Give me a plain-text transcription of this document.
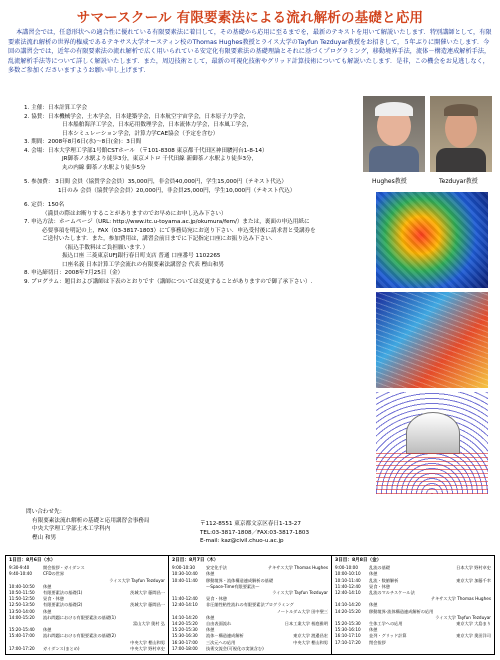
サマースクール 有限要素法による流れ解析の基礎と応用

本講習会では，任意形状への適合性に優れている有限要素法に着目して，その基礎から応用に至るまでを，最新のテキストを用いて解説いたします．特別講師として，有限要素法流れ解析の世界的権威であるテキサス大学オースティン校のThomas Hughes教授とライス大学のTayfun Tezduyar教授をお招きして，５年ぶりに開催いたします．今回の講習会では，近年の有限要素法の流れ解析で広く用いられている安定化有限要素法の基礎理論とそれに基づくプログラミング，移動境界手法，流体－構造連成解析手法，乱流解析手法等について詳しく解説いたします．また，周辺技術として，最新の可視化技術やグリッド計算技術についても解説いたします．是非，この機会をお見逃しなく，多数ご参加くださいますようお願い申し上げます．

1. 主催：日本計算工学会
2. 協賛：日本機械学会，土木学会，日本建築学会，日本航空宇宙学会，日本原子力学会，
日本船舶海洋工学会，日本応用数理学会，日本流体力学会，日本風工学会，
日本シミュレーション学会，計算力学CAE協会（予定を含む）
3. 期間：2008年8月6日(水)～8日(金)：3日間
4. 会場：日本大学理工学部1号館CSTホール （〒101-8308 東京都千代田区神田駿河台1-8-14）
JR御茶ノ水駅より徒歩3分，東京メトロ 千代田線 新御茶ノ水駅より徒歩3分，
丸の内線 御茶ノ水駅より徒歩5分
5. 参加費： 3日間 会員（協賛学会会員）35,000円，非会員40,000円，学生15,000円（テキスト代込）
1日のみ 会員（協賛学会会員）20,000円，非会員25,000円，学生10,000円（テキスト代込）
6. 定員：150名
（満員の際はお断りすることがありますのでお早めにお申し込み下さい）
7. 申込方法：ホームページ（URL: http://www.itc.u-toyama.ac.jp/okumura/fem/）または，裏面の申込用紙に
必要事項を明記の上，FAX（03-3817-1803）にて事務局宛にお送り下さい．申込受付後に請求書と受講券を
ご送付いたします．また，参加費用は，講習会前日までに下記指定口座にお振り込み下さい．
（振込手数料はご負担願います．）
振込口座 三菱東京UFJ銀行春日町支店 普通 口座番号 1102265
口座名義 日本計算工学会流れの有限要素法講習会 代表 樫山和男
8. 申込締切日：2008年7月25日（金）
9. プログラム：題目および講師は下表のとおりです（講師については変更することがありますので御了承下さい）.
Hughes教授	Tezduyar教授
問い合わせ先：
有限要素法流れ解析の基礎と応用講習会事務局
中央大学理工学部土木工学科内
樫山 和男
〒112-8551 東京都文京区春日1-13-27
TEL:03-3817-1808／FAX:03-3817-1803
E-mail: kaz@civil.chuo-u.ac.jp
1日目：8月6日（水）
9:30-9:40	開会挨拶・ガイダンス
9:40-10:40	CFDの世界
ライス大学 Tayfun Tezduyar
10:40-10:50	休憩
10:50-11:50	有限要素法の基礎(1)	茨城大学 藤間昌一
11:50-12:50	昼食・休憩
12:50-13:50	有限要素法の基礎(2)	茨城大学 藤間昌一
13:50-14:00	休憩
14:00-15:20	流れ問題における有限要素法の基礎(1)
富山大学 奥村 弘
15:20-15:40	休憩
15:40-17:00	流れ問題における有限要素法の基礎(2)
中央大学 樫山和男
17:00-17:20	ガイダンス(まとめ)	中央大学 野村卓史
2日目：8月7日（木）
9:00-10:30	安定化手法	テキサス大学 Thomas Hughes
10:30-10:40	休憩
10:40-11:40	移動境界・流体構造連成解析の基礎
～Space-Time有限要素法～
ライス大学 Tayfun Tezduyar
11:40-12:40	昼食・休憩
12:40-14:10	非圧縮性粘性流れの有限要素法プログラミング
ノートルダム大学 田中聖三
14:10-14:20	休憩
14:20-15:20	自由表面流れ	日本工業大学 桜庭雅明
15:20-15:30	休憩
15:30-16:30	流体－構造連成解析	東京大学 渡邉昌宏
16:30-17:00	三次元への応用	中央大学 樫山和男
17:00-18:00	技術交流会(可視化の実演含む)
3日目：8月8日（金）
9:00-10:00	乱流の基礎	日本大学 野村卓史
10:00-10:10	休憩
10:10-11:40	乱流・数値解析	東京大学 加藤千幸
11:40-12:40	昼食・休憩
12:40-14:10	乱流のマルチスケール法
テキサス大学 Thomas Hughes
14:10-14:20	休憩
14:20-15:20	移動境界-流体構造連成解析の応用
ライス大学 Tayfun Tezduyar
15:20-15:30	生体工学への応用	東京大学 大島まり
15:30-16:10	休憩
16:10-17:10	並列・グリッド計算	東京大学 奥田洋司
17:10-17:20	閉会挨拶
